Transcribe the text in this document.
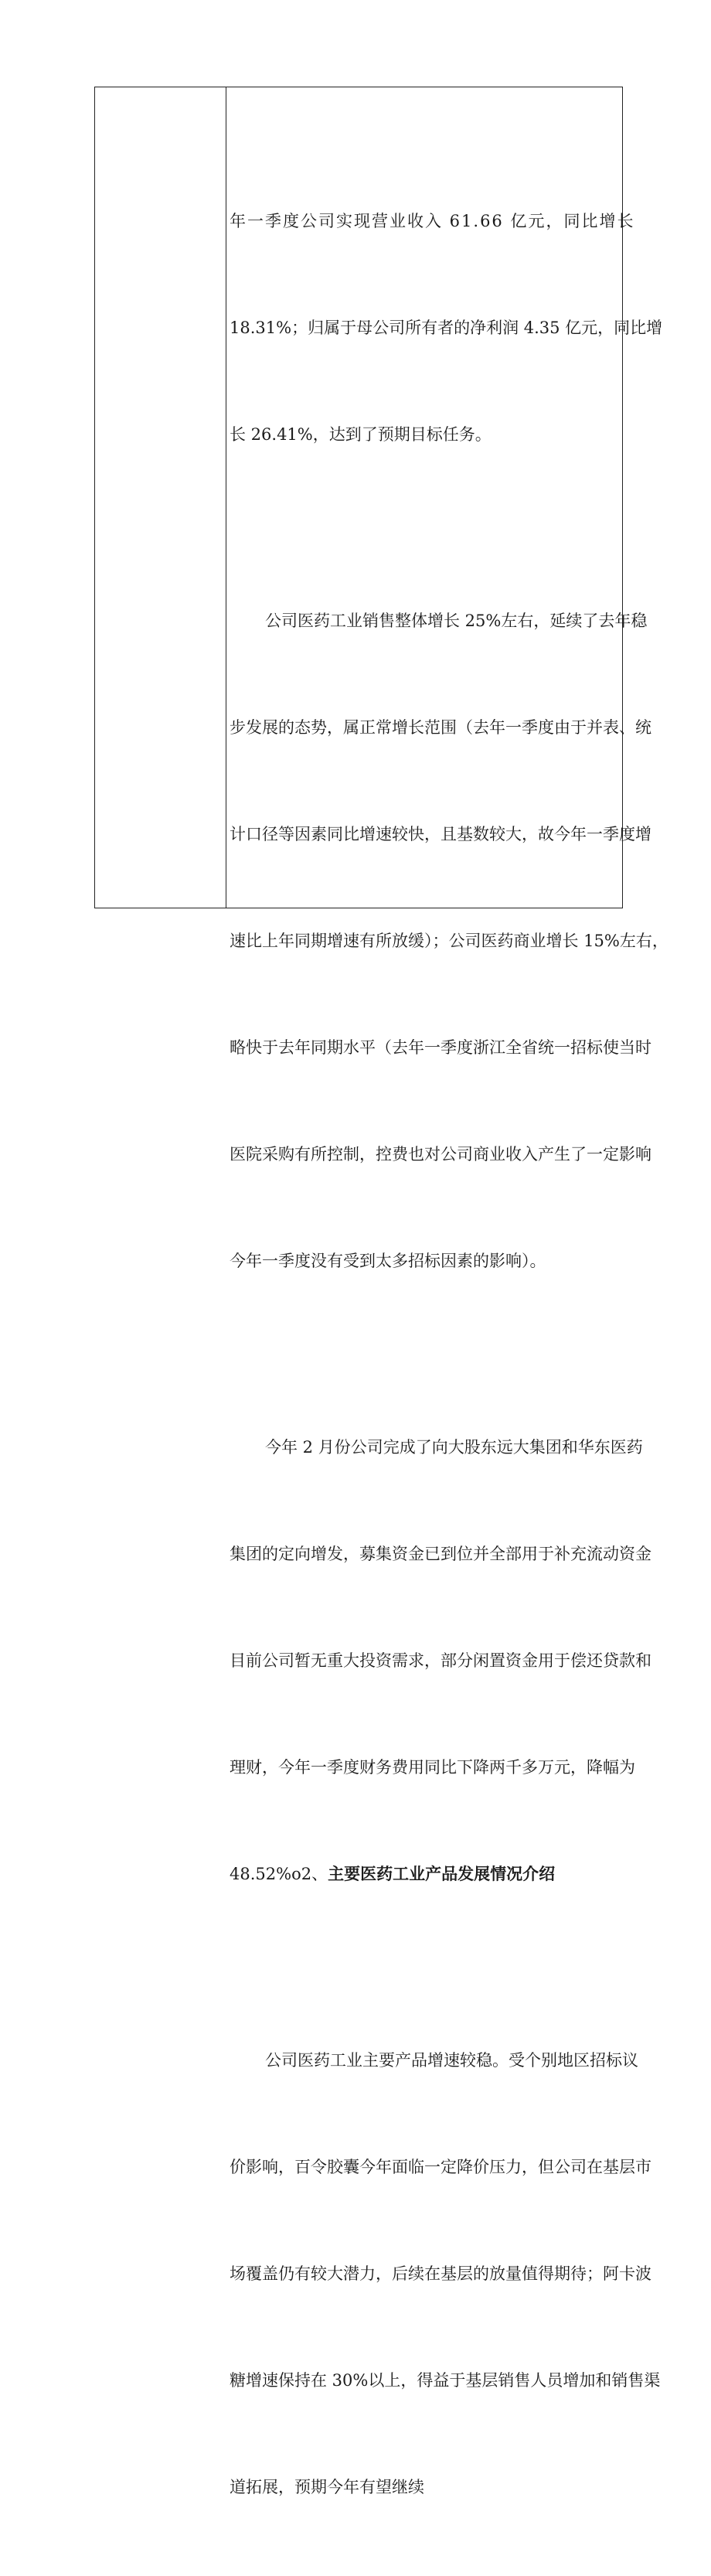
年一季度公司实现营业收入 61.66 亿元，同比增长

18.31%；归属于母公司所有者的净利润 4.35 亿元，同比增

长 26.41%，达到了预期目标任务。

公司医药工业销售整体增长 25%左右，延续了去年稳

步发展的态势，属正常增长范围（去年一季度由于并表、统

计口径等因素同比增速较快，且基数较大，故今年一季度增

速比上年同期增速有所放缓）；公司医药商业增长 15%左右，

略快于去年同期水平（去年一季度浙江全省统一招标使当时

医院采购有所控制，控费也对公司商业收入产生了一定影响

今年一季度没有受到太多招标因素的影响）。

今年 2 月份公司完成了向大股东远大集团和华东医药

集团的定向增发，募集资金已到位并全部用于补充流动资金

目前公司暂无重大投资需求，部分闲置资金用于偿还贷款和

理财，今年一季度财务费用同比下降两千多万元，降幅为

48.52%o2、主要医药工业产品发展情况介绍

公司医药工业主要产品增速较稳。受个别地区招标议

价影响，百令胶囊今年面临一定降价压力，但公司在基层市

场覆盖仍有较大潜力，后续在基层的放量值得期待；阿卡波

糖增速保持在 30%以上，得益于基层销售人员增加和销售渠

道拓展，预期今年有望继续
